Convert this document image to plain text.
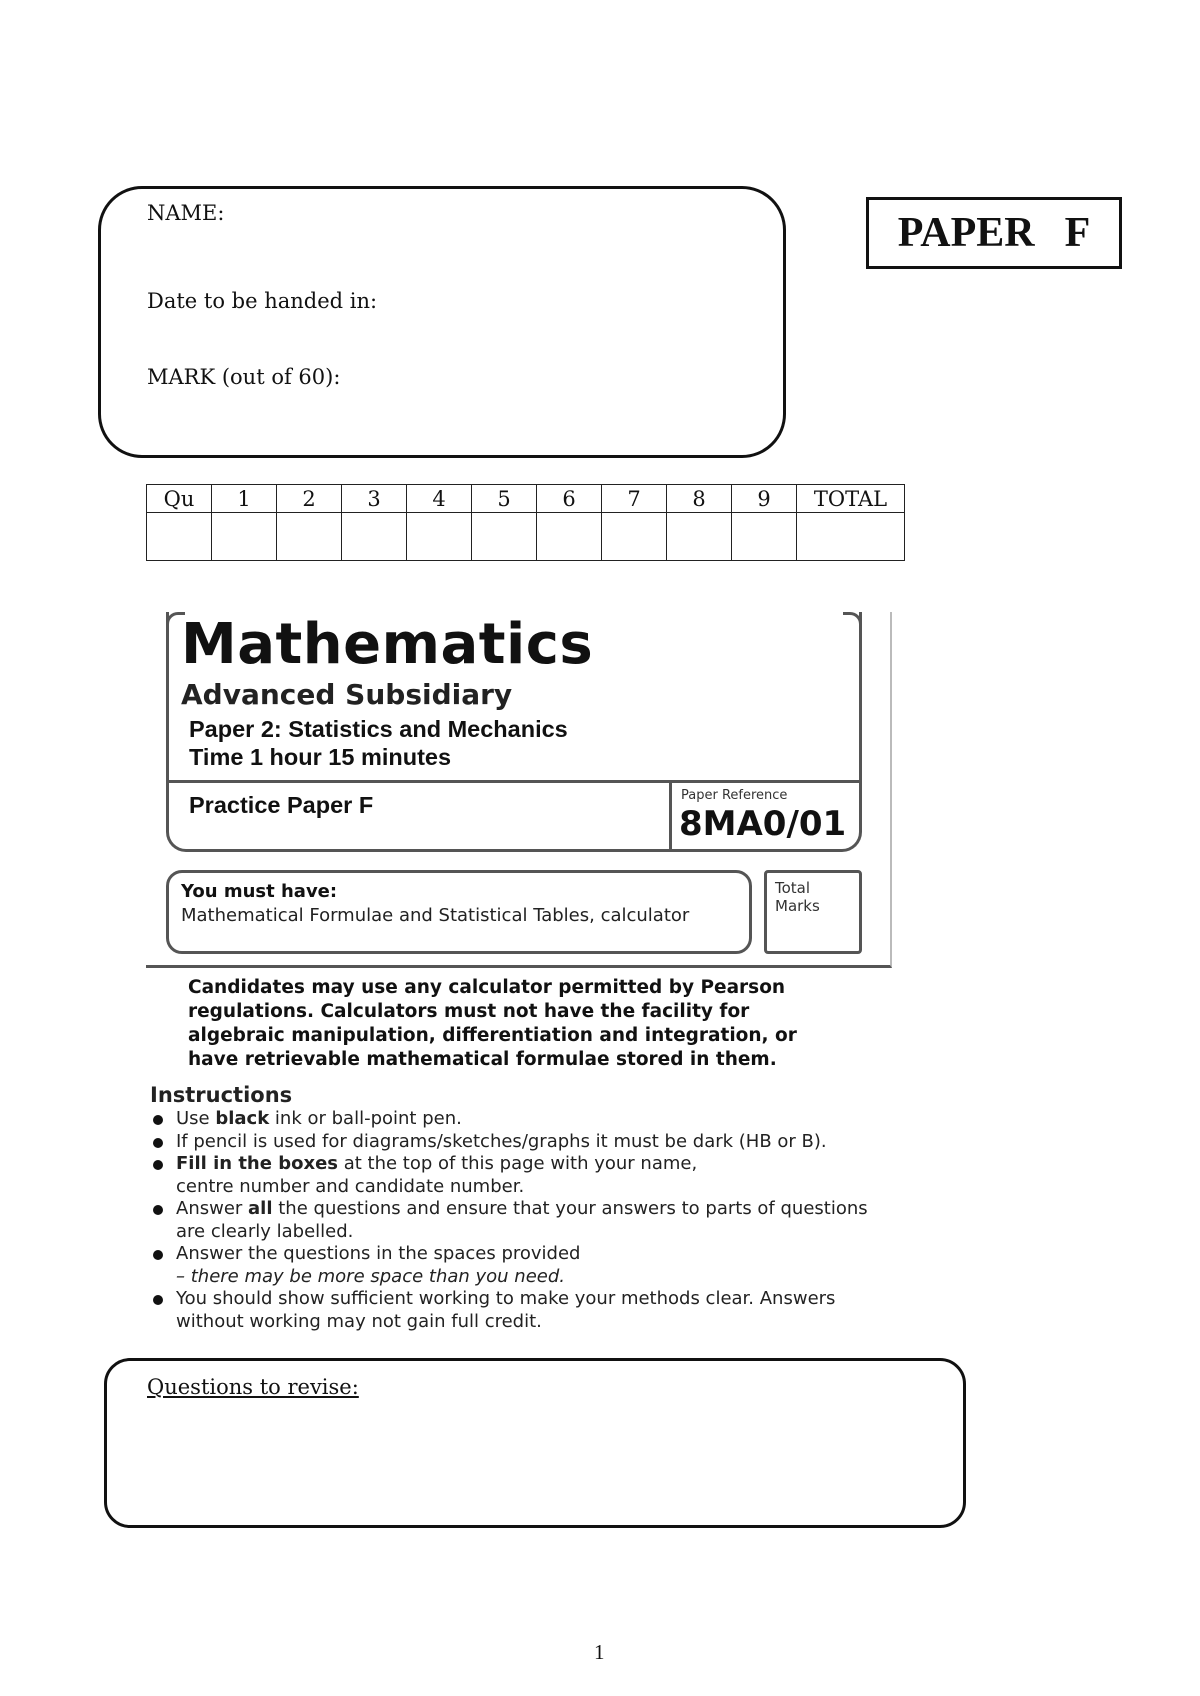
NAME:
Date to be handed in:
MARK (out of 60):
PAPER F
Qu	1	2	3	4	5	6	7	8	9	TOTAL

Mathematics
Advanced Subsidiary
Paper 2: Statistics and Mechanics
Time 1 hour 15 minutes
Practice Paper F	Paper Reference
8MA0/01
You must have:
Mathematical Formulae and Statistical Tables, calculator
Total Marks
Candidates may use any calculator permitted by Pearson regulations. Calculators must not have the facility for algebraic manipulation, differentiation and integration, or have retrievable mathematical formulae stored in them.
Instructions
Use black ink or ball-point pen.
If pencil is used for diagrams/sketches/graphs it must be dark (HB or B).
Fill in the boxes at the top of this page with your name,
centre number and candidate number.
Answer all the questions and ensure that your answers to parts of questions are clearly labelled.
Answer the questions in the spaces provided
– there may be more space than you need.
You should show sufficient working to make your methods clear. Answers without working may not gain full credit.
Questions to revise:
1
